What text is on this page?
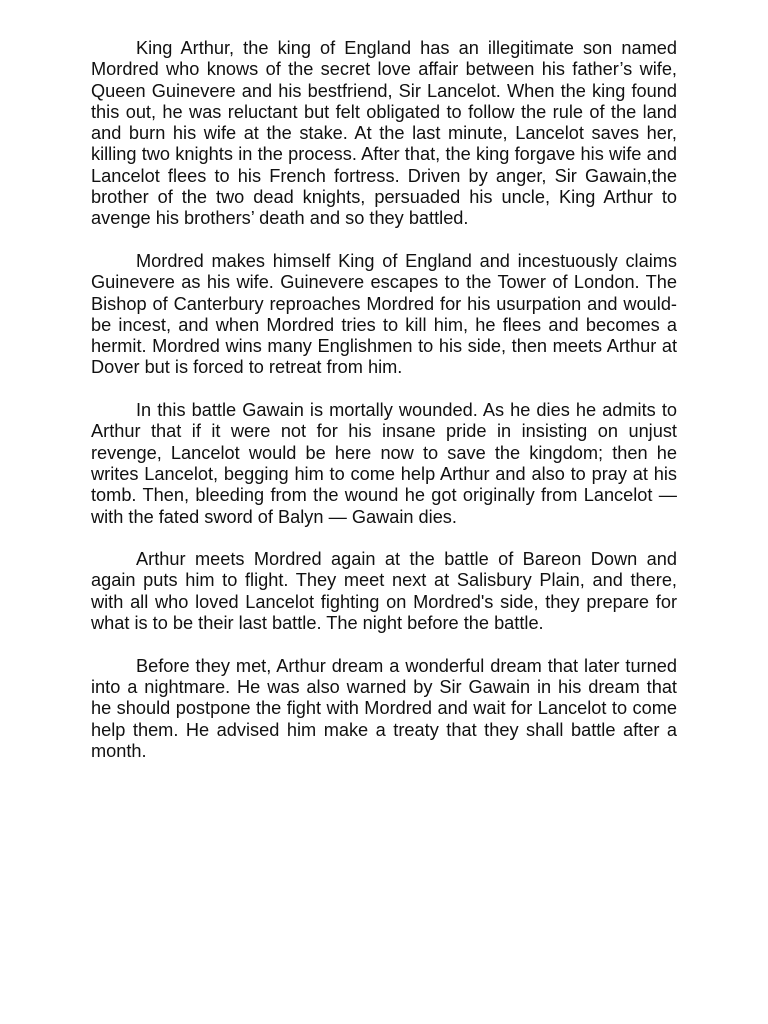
King Arthur, the king of England has an illegitimate son named Mordred who knows of the secret love affair between his father’s wife, Queen Guinevere and his bestfriend, Sir Lancelot. When the king found this out, he was reluctant but felt obligated to follow the rule of the land and burn his wife at the stake. At the last minute, Lancelot saves her, killing two knights in the process. After that, the king forgave his wife and Lancelot flees to his French fortress. Driven by anger, Sir Gawain,the brother of the two dead knights, persuaded his uncle, King Arthur to avenge his brothers’ death and so they battled.

Mordred makes himself King of England and incestuously claims Guinevere as his wife. Guinevere escapes to the Tower of London. The Bishop of Canterbury reproaches Mordred for his usurpation and would-be incest, and when Mordred tries to kill him, he flees and becomes a hermit. Mordred wins many Englishmen to his side, then meets Arthur at Dover but is forced to retreat from him.

In this battle Gawain is mortally wounded. As he dies he admits to Arthur that if it were not for his insane pride in insisting on unjust revenge, Lancelot would be here now to save the kingdom; then he writes Lancelot, begging him to come help Arthur and also to pray at his tomb. Then, bleeding from the wound he got originally from Lancelot — with the fated sword of Balyn — Gawain dies.

Arthur meets Mordred again at the battle of Bareon Down and again puts him to flight. They meet next at Salisbury Plain, and there, with all who loved Lancelot fighting on Mordred's side, they prepare for what is to be their last battle. The night before the battle.

Before they met, Arthur dream a wonderful dream that later turned into a nightmare. He was also warned by Sir Gawain in his dream that he should postpone the fight with Mordred and wait for Lancelot to come help them. He advised him make a treaty that they shall battle after a month.
